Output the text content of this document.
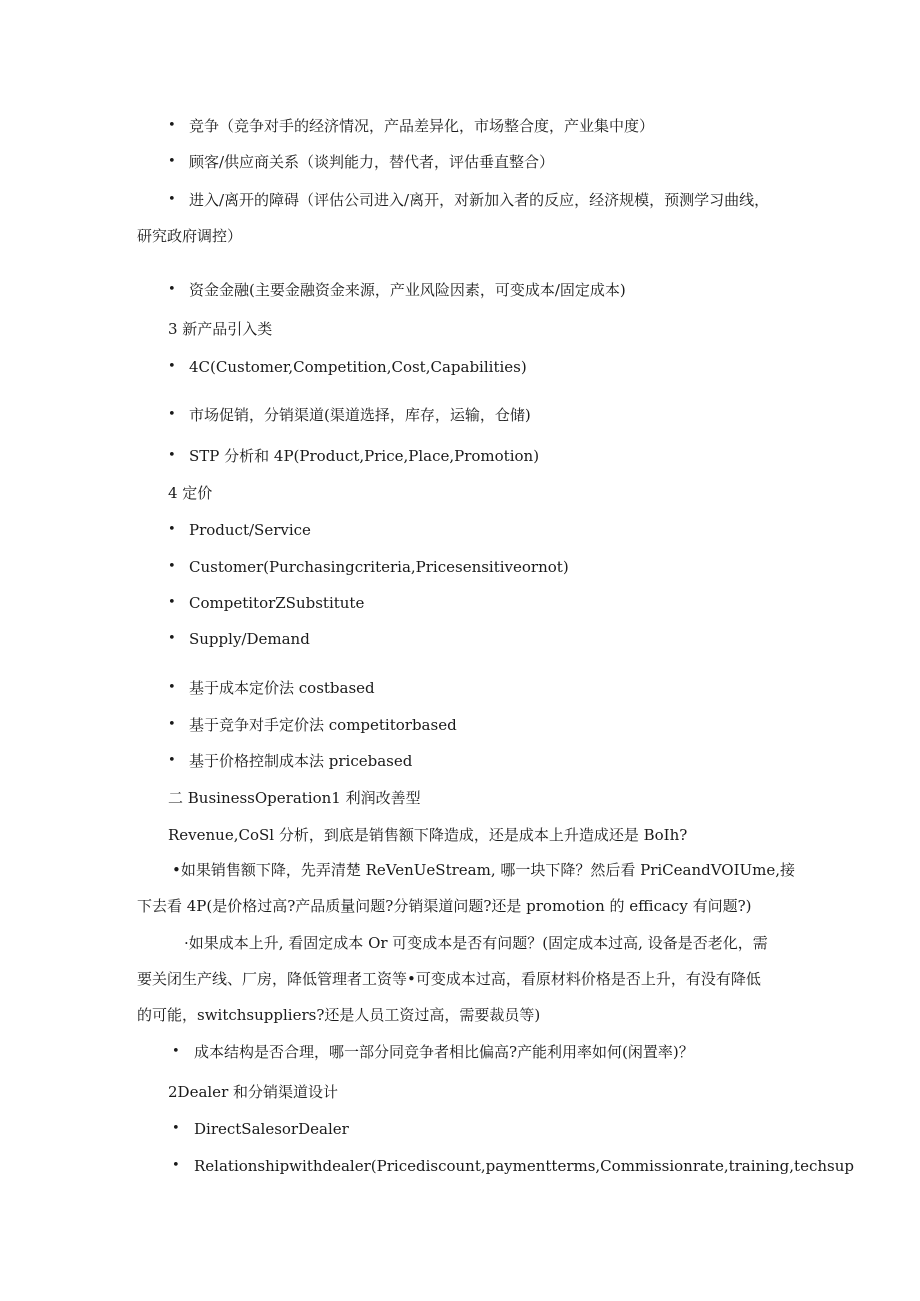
• 竞争（竞争对手的经济情况，产品差异化，市场整合度，产业集中度）
• 顾客/供应商关系（谈判能力，替代者，评估垂直整合）
• 进入/离开的障碍（评估公司进入/离开，对新加入者的反应，经济规模，预测学习曲线，
研究政府调控）
• 资金金融(主要金融资金来源，产业风险因素，可变成本/固定成本)
3 新产品引入类
• 4C(Customer,Competition,Cost,Capabilities)
• 市场促销，分销渠道(渠道选择，库存，运输，仓储)
• STP 分析和 4P(Product,Price,Place,Promotion)
4 定价
• Product/Service
• Customer(Purchasingcriteria,Pricesensitiveornot)
• CompetitorZSubstitute
• Supply/Demand
• 基于成本定价法 costbased
• 基于竞争对手定价法 competitorbased
• 基于价格控制成本法 pricebased
二 BusinessOperation1 利润改善型
Revenue,CoSl 分析，到底是销售额下降造成，还是成本上升造成还是 BoIh?
•如果销售额下降，先弄清楚 ReVenUeStream, 哪一块下降？然后看 PriCeandVOIUme,接
下去看 4P(是价格过高?产品质量问题?分销渠道问题?还是 promotion 的 efficacy 有问题?)
·如果成本上升, 看固定成本 Or 可变成本是否有问题？(固定成本过高, 设备是否老化，需
要关闭生产线、厂房，降低管理者工资等•可变成本过高，看原材料价格是否上升，有没有降低
的可能，switchsuppliers?还是人员工资过高，需要裁员等)
• 成本结构是否合理，哪一部分同竞争者相比偏高?产能利用率如何(闲置率)？
2Dealer 和分销渠道设计
• DirectSalesorDealer
• Relationshipwithdealer(Pricediscount,paymentterms,Commissionrate,training,techsup
